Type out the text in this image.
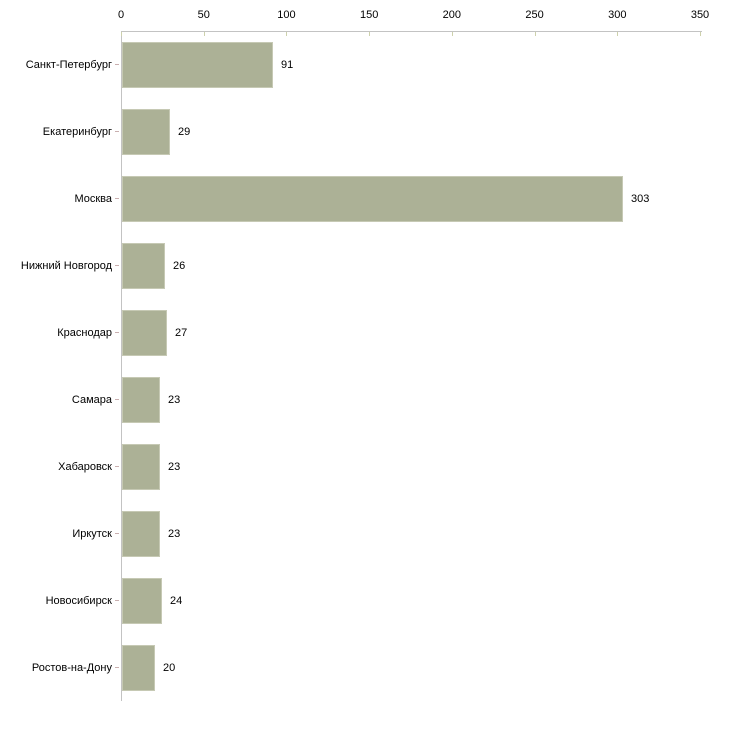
0	50	100	150	200	250	300	350
Санкт-Петербург	91
Екатеринбург	29
Москва	303
Нижний Новгород	26
Краснодар	27
Самара	23
Хабаровск	23
Иркутск	23
Новосибирск	24
Ростов-на-Дону	20
